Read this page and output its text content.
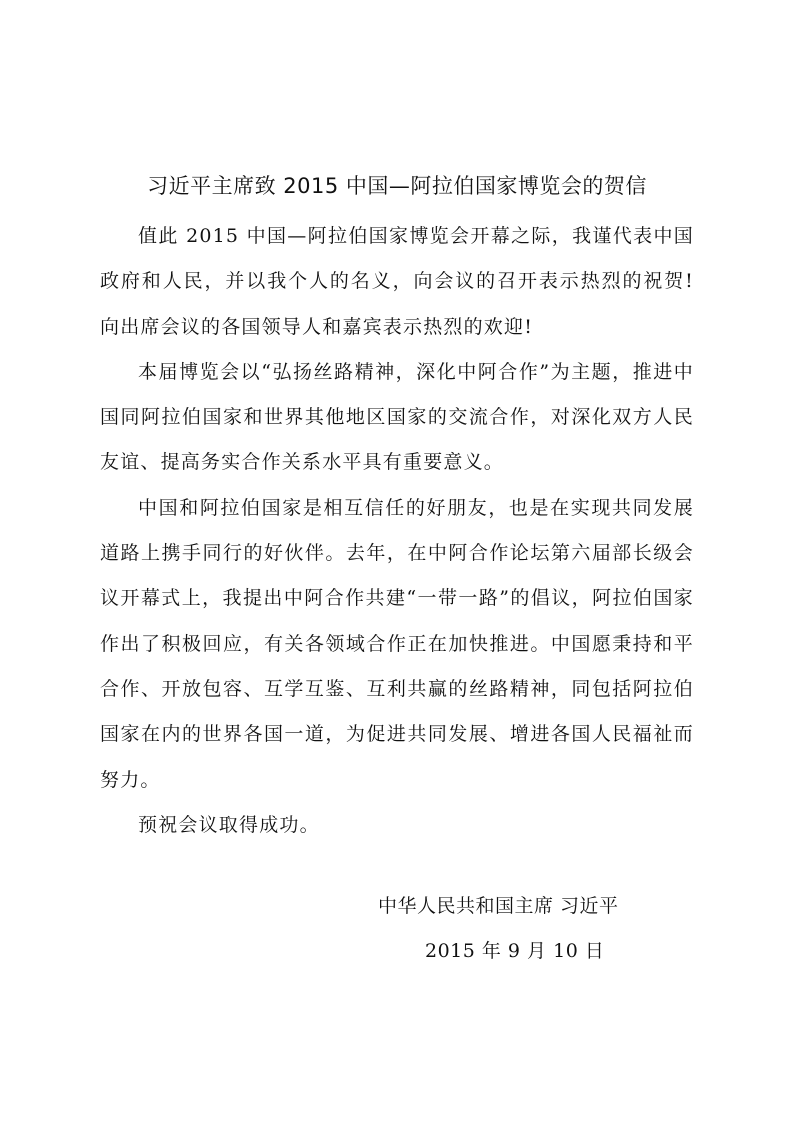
习近平主席致 2015 中国—阿拉伯国家博览会的贺信

值此 2015 中国—阿拉伯国家博览会开幕之际，我谨代表中国政府和人民，并以我个人的名义，向会议的召开表示热烈的祝贺!向出席会议的各国领导人和嘉宾表示热烈的欢迎!

本届博览会以“弘扬丝路精神，深化中阿合作”为主题，推进中国同阿拉伯国家和世界其他地区国家的交流合作，对深化双方人民友谊、提高务实合作关系水平具有重要意义。

中国和阿拉伯国家是相互信任的好朋友，也是在实现共同发展道路上携手同行的好伙伴。去年，在中阿合作论坛第六届部长级会议开幕式上，我提出中阿合作共建“一带一路”的倡议，阿拉伯国家作出了积极回应，有关各领域合作正在加快推进。中国愿秉持和平合作、开放包容、互学互鉴、互利共赢的丝路精神，同包括阿拉伯国家在内的世界各国一道，为促进共同发展、增进各国人民福祉而努力。

预祝会议取得成功。

中华人民共和国主席 习近平
2015 年 9 月 10 日
